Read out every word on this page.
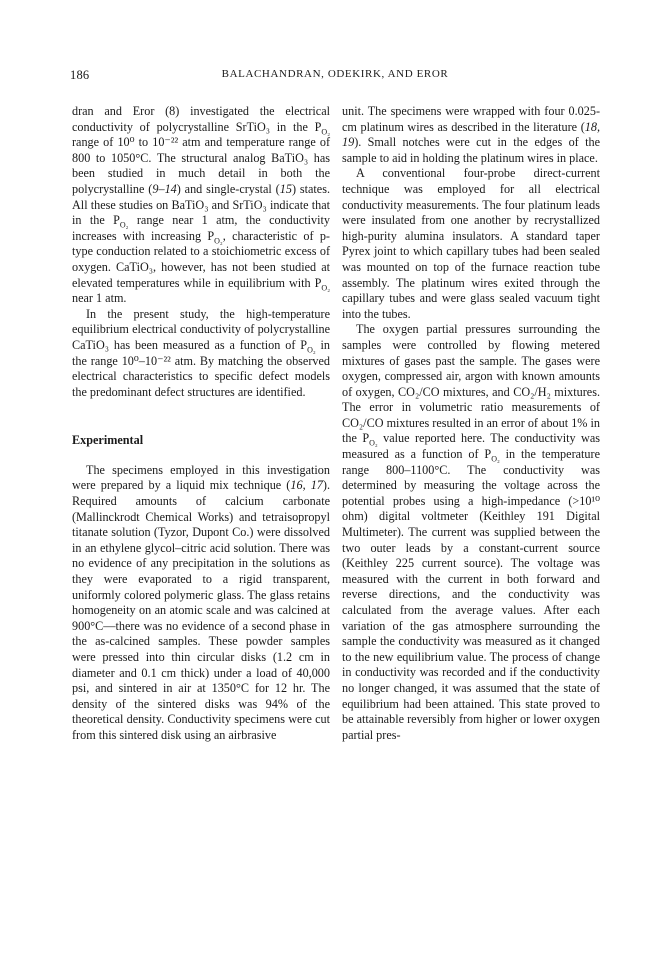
186	BALACHANDRAN, ODEKIRK, AND EROR

dran and Eror (8) investigated the electrical conductivity of polycrystalline SrTiO₃ in the $P_{O_2}$ range of 10⁰ to 10⁻²² atm and temperature range of 800 to 1050°C. The structural analog BaTiO₃ has been studied in much detail in both the polycrystalline (9–14) and single-crystal (15) states. All these studies on BaTiO₃ and SrTiO₃ indicate that in the $P_{O_2}$ range near 1 atm, the conductivity increases with increasing $P_{O_2}$, characteristic of p-type conduction related to a stoichiometric excess of oxygen. CaTiO₃, however, has not been studied at elevated temperatures while in equilibrium with $P_{O_2}$ near 1 atm.

In the present study, the high-temperature equilibrium electrical conductivity of polycrystalline CaTiO₃ has been measured as a function of $P_{O_2}$ in the range 10⁰–10⁻²² atm. By matching the observed electrical characteristics to specific defect models the predominant defect structures are identified.

Experimental

The specimens employed in this investigation were prepared by a liquid mix technique (16, 17). Required amounts of calcium carbonate (Mallinckrodt Chemical Works) and tetraisopropyl titanate solution (Tyzor, Dupont Co.) were dissolved in an ethylene glycol–citric acid solution. There was no evidence of any precipitation in the solutions as they were evaporated to a rigid transparent, uniformly colored polymeric glass. The glass retains homogeneity on an atomic scale and was calcined at 900°C—there was no evidence of a second phase in the as-calcined samples. These powder samples were pressed into thin circular disks (1.2 cm in diameter and 0.1 cm thick) under a load of 40,000 psi, and sintered in air at 1350°C for 12 hr. The density of the sintered disks was 94% of the theoretical density. Conductivity specimens were cut from this sintered disk using an airbrasive

unit. The specimens were wrapped with four 0.025-cm platinum wires as described in the literature (18, 19). Small notches were cut in the edges of the sample to aid in holding the platinum wires in place.

A conventional four-probe direct-current technique was employed for all electrical conductivity measurements. The four platinum leads were insulated from one another by recrystallized high-purity alumina insulators. A standard taper Pyrex joint to which capillary tubes had been sealed was mounted on top of the furnace reaction tube assembly. The platinum wires exited through the capillary tubes and were glass sealed vacuum tight into the tubes.

The oxygen partial pressures surrounding the samples were controlled by flowing metered mixtures of gases past the sample. The gases were oxygen, compressed air, argon with known amounts of oxygen, CO₂/CO mixtures, and CO₂/H₂ mixtures. The error in volumetric ratio measurements of CO₂/CO mixtures resulted in an error of about 1% in the $P_{O_2}$ value reported here. The conductivity was measured as a function of $P_{O_2}$ in the temperature range 800–1100°C. The conductivity was determined by measuring the voltage across the potential probes using a high-impedance (>10¹⁰ ohm) digital voltmeter (Keithley 191 Digital Multimeter). The current was supplied between the two outer leads by a constant-current source (Keithley 225 current source). The voltage was measured with the current in both forward and reverse directions, and the conductivity was calculated from the average values. After each variation of the gas atmosphere surrounding the sample the conductivity was measured as it changed to the new equilibrium value. The process of change in conductivity was recorded and if the conductivity no longer changed, it was assumed that the state of equilibrium had been attained. This state proved to be attainable reversibly from higher or lower oxygen partial pres-
